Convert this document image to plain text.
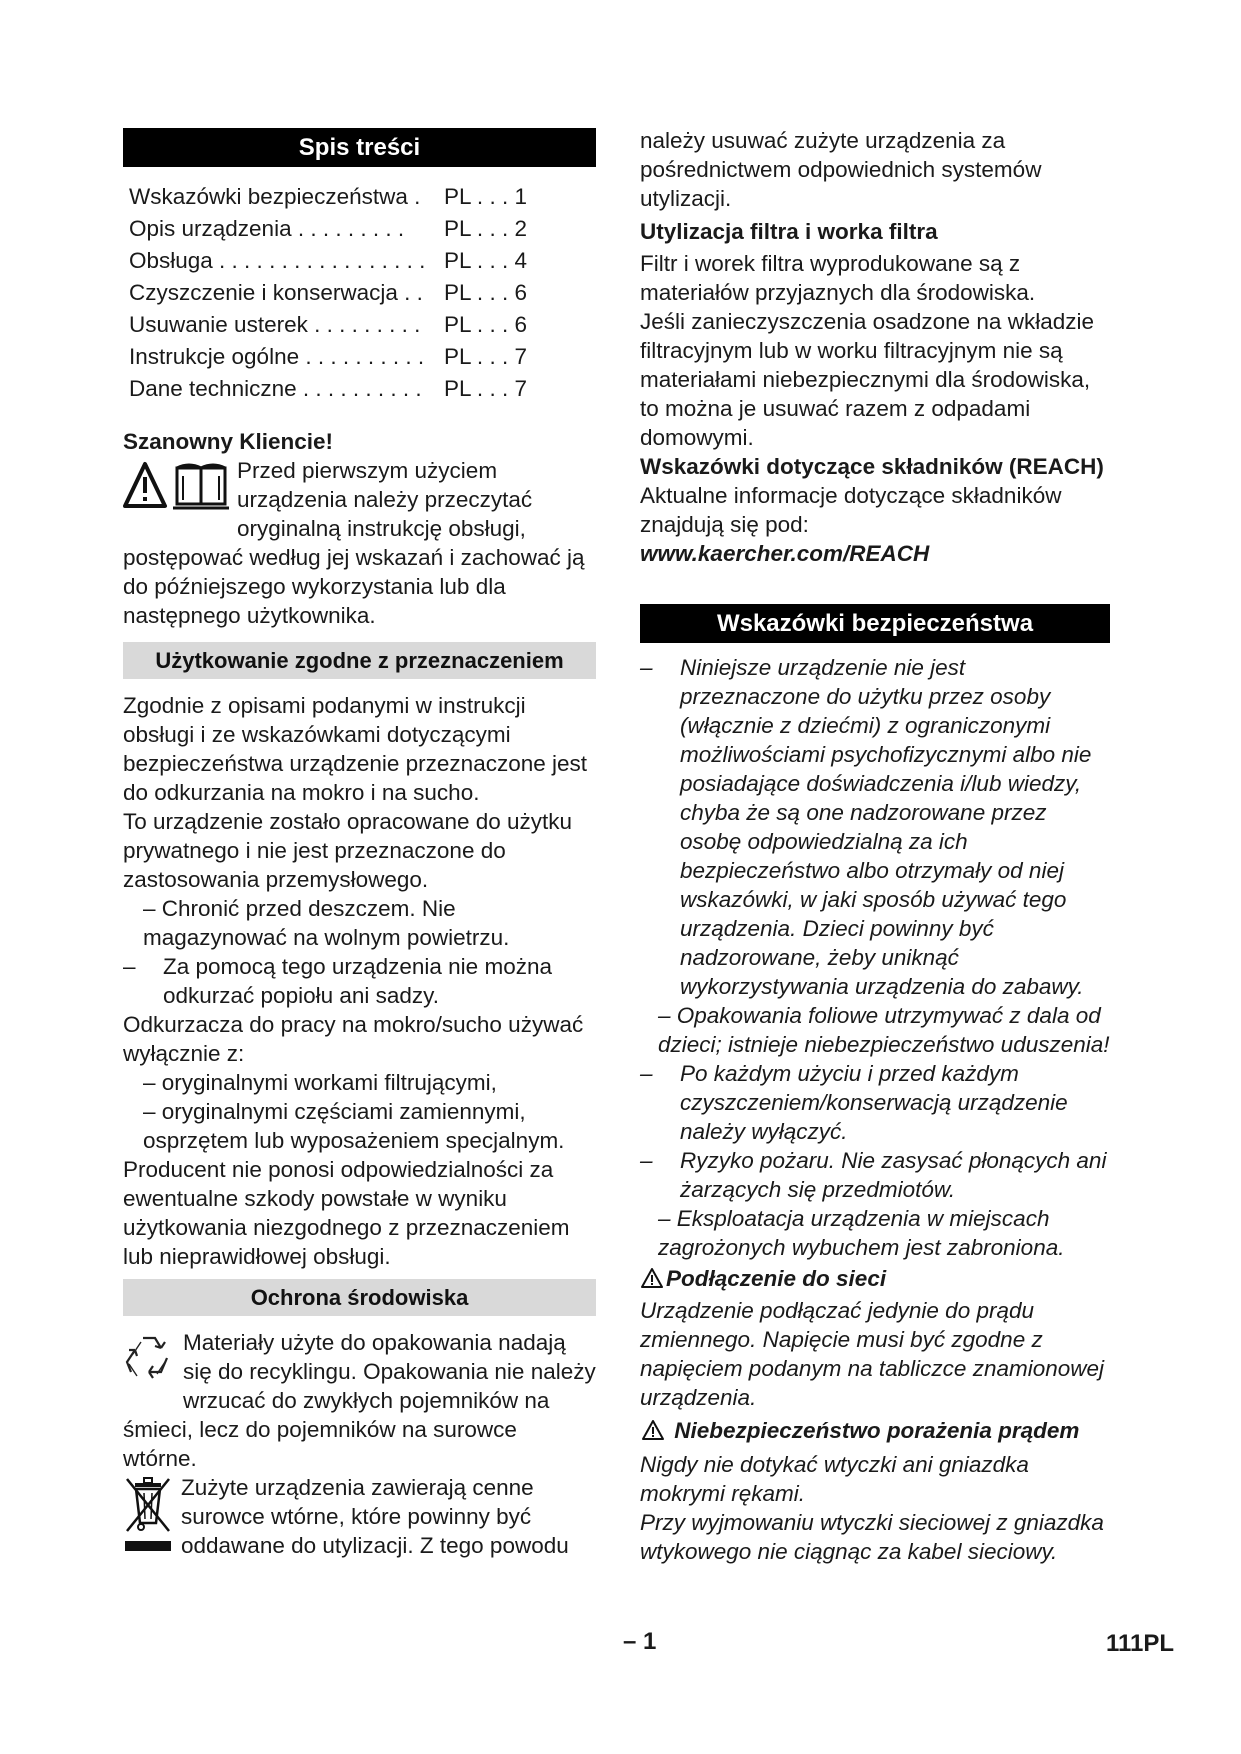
Spis treści
Wskazówki bezpieczeństwa .	PL . . . 1
Opis urządzenia . . . . . . . . .	PL . . . 2
Obsługa . . . . . . . . . . . . . . . . . PL . . . 4
Czyszczenie i konserwacja . . PL . . . 6
Usuwanie usterek . . . . . . . . .	PL . . . 6
Instrukcje ogólne . . . . . . . . . . PL . . . 7
Dane techniczne . . . . . . . . . . PL . . . 7

Szanowny Kliencie!

Przed pierwszym użyciem urządzenia należy przeczytać oryginalną instrukcję obsługi, postępować według jej wskazań i zachować ją do późniejszego wykorzystania lub dla następnego użytkownika.

Użytkowanie zgodne z przeznaczeniem

Zgodnie z opisami podanymi w instrukcji obsługi i ze wskazówkami dotyczącymi bezpieczeństwa urządzenie przeznaczone jest do odkurzania na mokro i na sucho.

To urządzenie zostało opracowane do użytku prywatnego i nie jest przeznaczone do zastosowania przemysłowego.

– Chronić przed deszczem. Nie magazynować na wolnym powietrzu.
– Za pomocą tego urządzenia nie można odkurzać popiołu ani sadzy.

Odkurzacza do pracy na mokro/sucho używać wyłącznie z:

– oryginalnymi workami filtrującymi,
– oryginalnymi częściami zamiennymi, osprzętem lub wyposażeniem specjalnym.

Producent nie ponosi odpowiedzialności za ewentualne szkody powstałe w wyniku użytkowania niezgodnego z przeznaczeniem lub nieprawidłowej obsługi.

Ochrona środowiska

Materiały użyte do opakowania nadają się do recyklingu. Opakowania nie należy wrzucać do zwykłych pojemników na śmieci, lecz do pojemników na surowce wtórne.

Zużyte urządzenia zawierają cenne surowce wtórne, które powinny być oddawane do utylizacji. Z tego powodu

należy usuwać zużyte urządzenia za pośrednictwem odpowiednich systemów utylizacji.

Utylizacja filtra i worka filtra

Filtr i worek filtra wyprodukowane są z materiałów przyjaznych dla środowiska.

Jeśli zanieczyszczenia osadzone na wkładzie filtracyjnym lub w worku filtracyjnym nie są materiałami niebezpiecznymi dla środowiska, to można je usuwać razem z odpadami domowymi.

Wskazówki dotyczące składników (REACH)

Aktualne informacje dotyczące składników znajdują się pod:

www.kaercher.com/REACH

Wskazówki bezpieczeństwa
– Niniejsze urządzenie nie jest przeznaczone do użytku przez osoby (włącznie z dziećmi) z ograniczonymi możliwościami psychofizycznymi albo nie posiadające doświadczenia i/lub wiedzy, chyba że są one nadzorowane przez osobę odpowiedzialną za ich bezpieczeństwo albo otrzymały od niej wskazówki, w jaki sposób używać tego urządzenia. Dzieci powinny być nadzorowane, żeby uniknąć wykorzystywania urządzenia do zabawy.
– Opakowania foliowe utrzymywać z dala od dzieci; istnieje niebezpieczeństwo uduszenia!
– Po każdym użyciu i przed każdym czyszczeniem/konserwacją urządzenie należy wyłączyć.
– Ryzyko pożaru. Nie zasysać płonących ani żarzących się przedmiotów.
– Eksploatacja urządzenia w miejscach zagrożonych wybuchem jest zabroniona.

Podłączenie do sieci

Urządzenie podłączać jedynie do prądu zmiennego. Napięcie musi być zgodne z napięciem podanym na tabliczce znamionowej urządzenia.

Niebezpieczeństwo porażenia prądem

Nigdy nie dotykać wtyczki ani gniazdka mokrymi rękami.

Przy wyjmowaniu wtyczki sieciowej z gniazdka wtykowego nie ciągnąc za kabel sieciowy.

– 1	111PL
